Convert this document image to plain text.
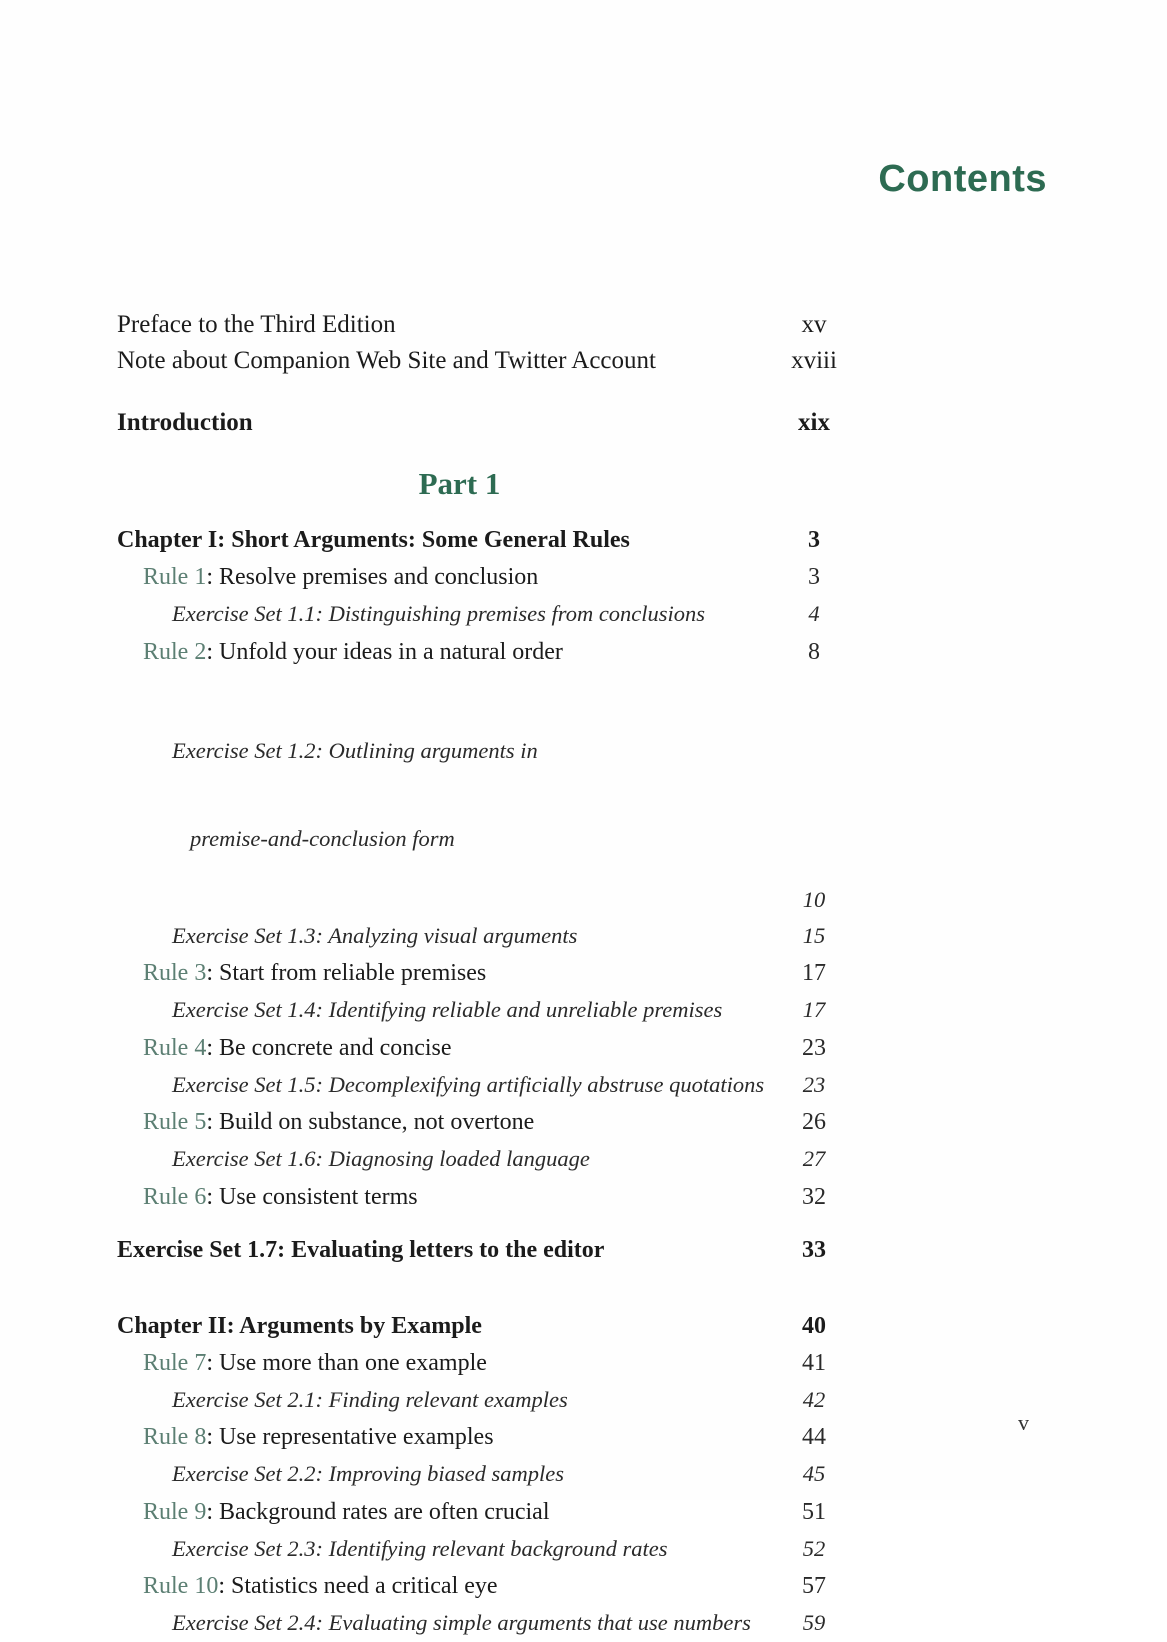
Contents
Preface to the Third Edition	xv
Note about Companion Web Site and Twitter Account	xviii
Introduction	xix
Part 1
Chapter I: Short Arguments: Some General Rules	3
Rule 1: Resolve premises and conclusion	3
Exercise Set 1.1: Distinguishing premises from conclusions	4
Rule 2: Unfold your ideas in a natural order	8

Exercise Set 1.2: Outlining arguments in

premise-and-conclusion form

10
Exercise Set 1.3: Analyzing visual arguments	15
Rule 3: Start from reliable premises	17
Exercise Set 1.4: Identifying reliable and unreliable premises	17
Rule 4: Be concrete and concise	23
Exercise Set 1.5: Decomplexifying artificially abstruse quotations	23
Rule 5: Build on substance, not overtone	26
Exercise Set 1.6: Diagnosing loaded language	27
Rule 6: Use consistent terms	32
Exercise Set 1.7: Evaluating letters to the editor	33
Chapter II: Arguments by Example	40
Rule 7: Use more than one example	41
Exercise Set 2.1: Finding relevant examples	42
Rule 8: Use representative examples	44
Exercise Set 2.2: Improving biased samples	45
Rule 9: Background rates are often crucial	51
Exercise Set 2.3: Identifying relevant background rates	52
Rule 10: Statistics need a critical eye	57
Exercise Set 2.4: Evaluating simple arguments that use numbers	59
v
